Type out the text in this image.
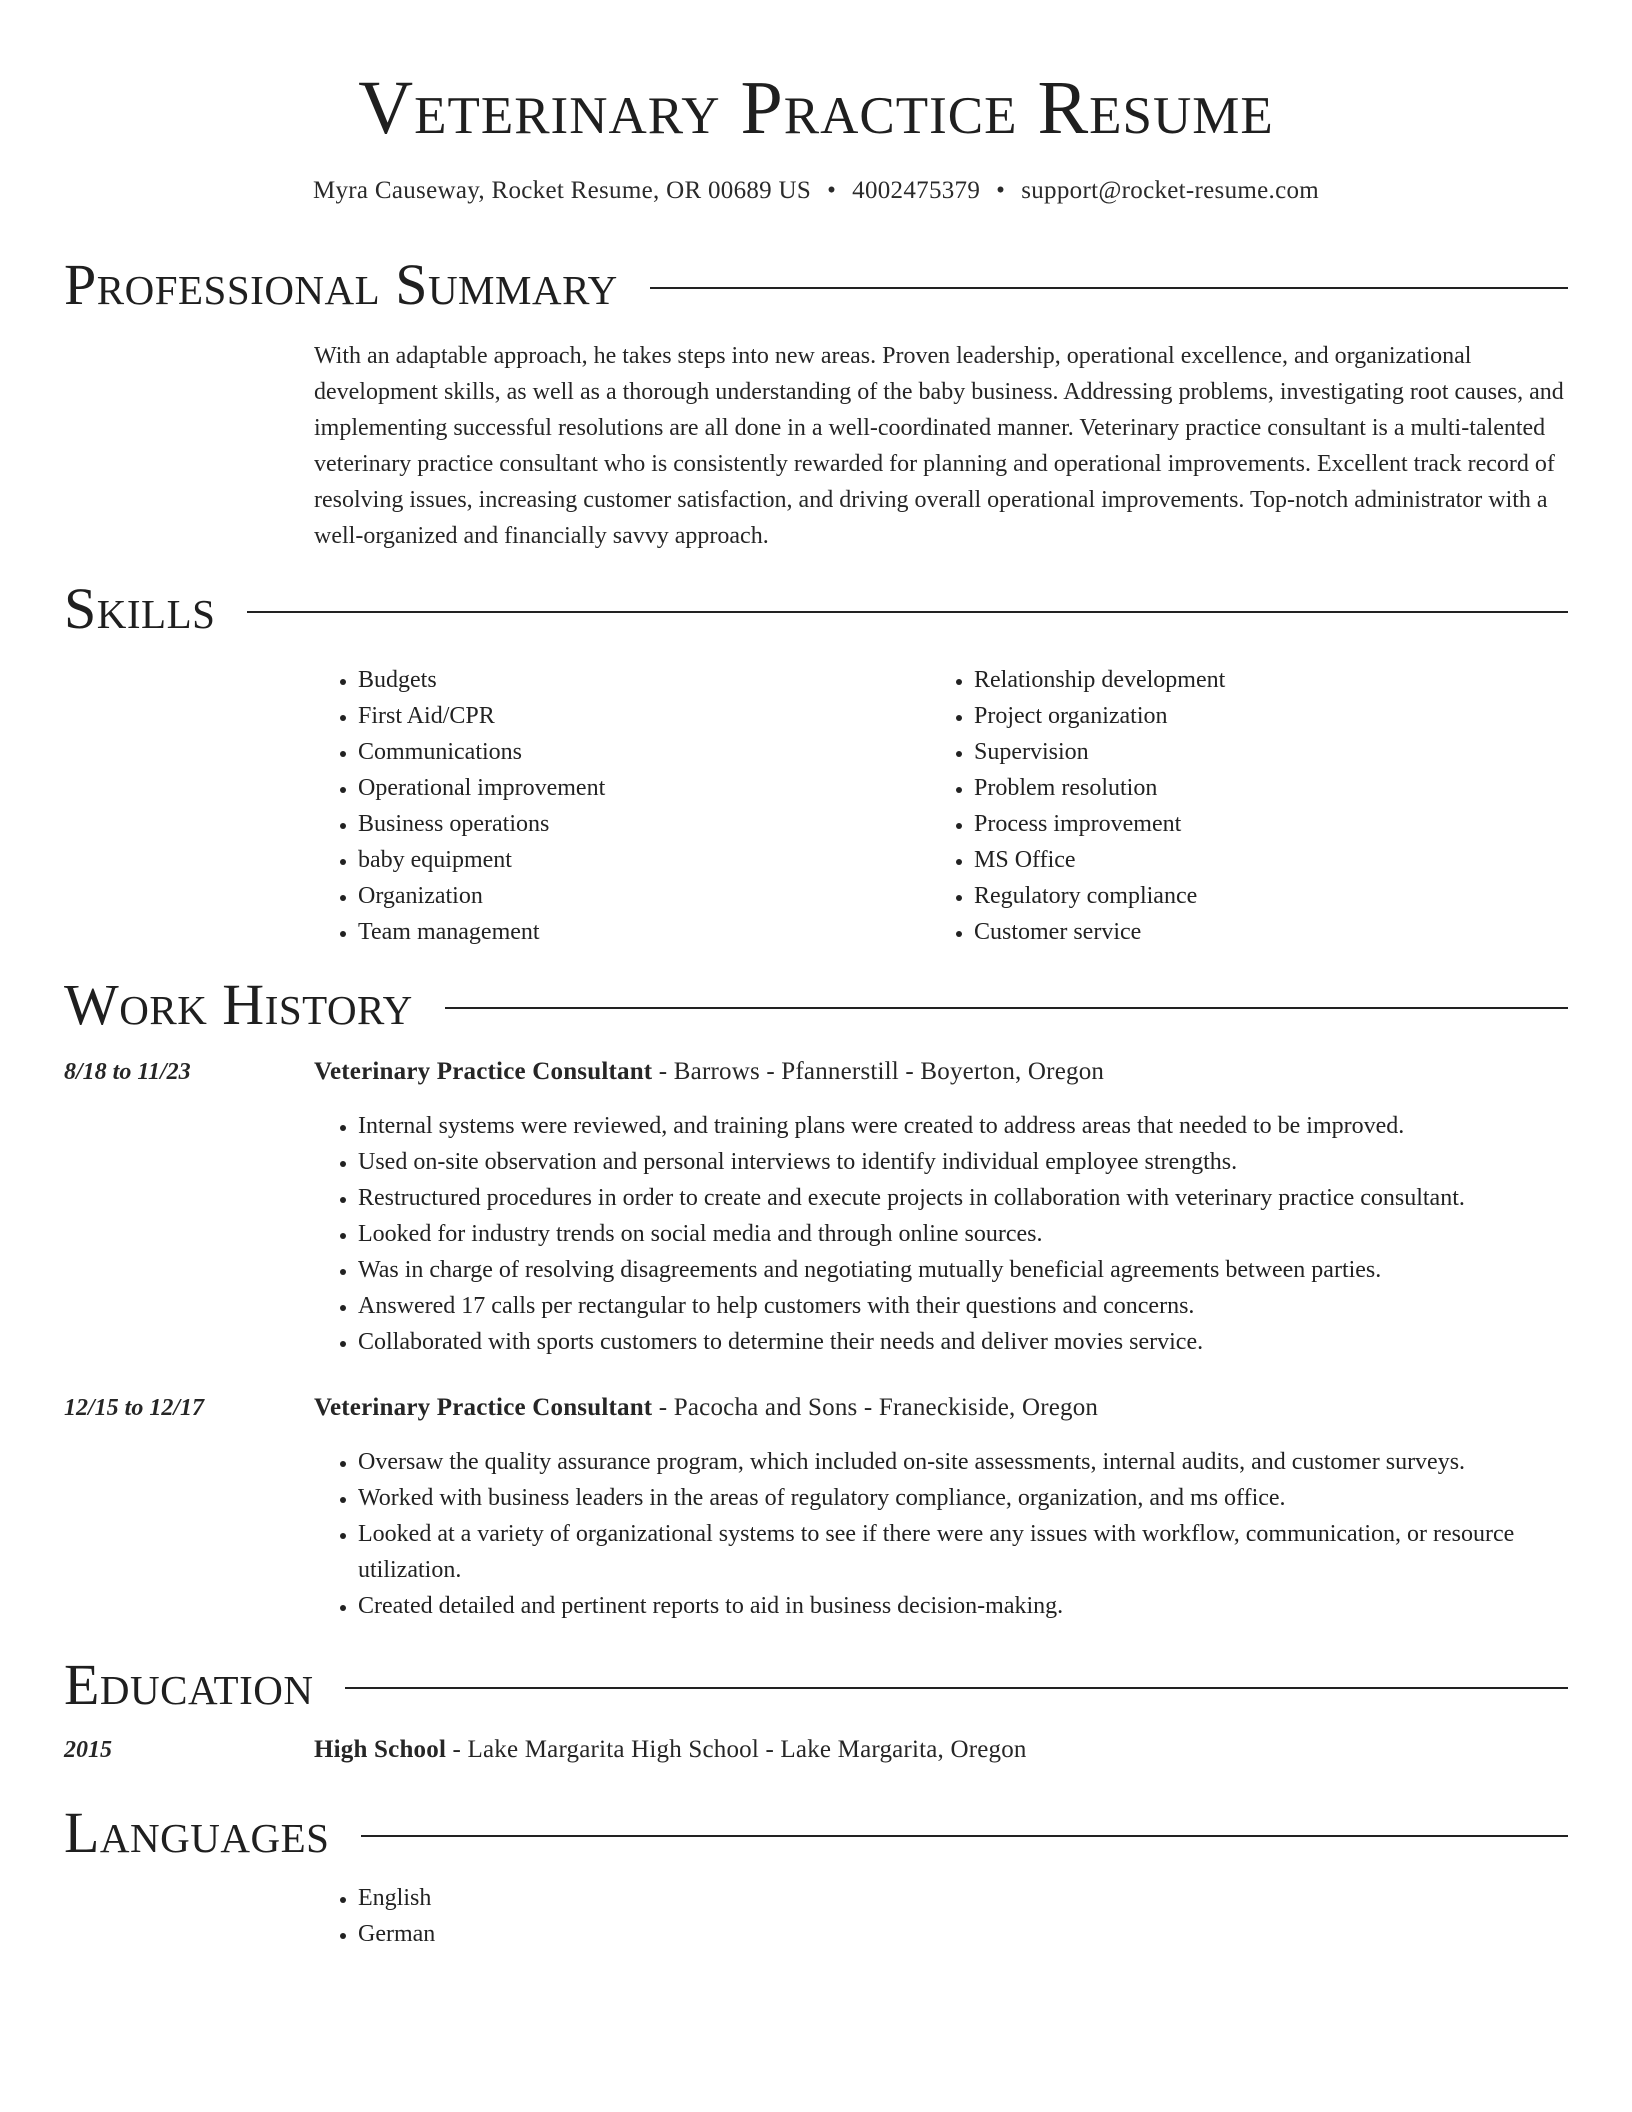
Veterinary Practice Resume
Myra Causeway, Rocket Resume, OR 00689 US • 4002475379 • support@rocket-resume.com
Professional Summary
With an adaptable approach, he takes steps into new areas. Proven leadership, operational excellence, and organizational development skills, as well as a thorough understanding of the baby business. Addressing problems, investigating root causes, and implementing successful resolutions are all done in a well-coordinated manner. Veterinary practice consultant is a multi-talented veterinary practice consultant who is consistently rewarded for planning and operational improvements. Excellent track record of resolving issues, increasing customer satisfaction, and driving overall operational improvements. Top-notch administrator with a well-organized and financially savvy approach.
Skills
• Budgets
• First Aid/CPR
• Communications
• Operational improvement
• Business operations
• baby equipment
• Organization
• Team management
• Relationship development
• Project organization
• Supervision
• Problem resolution
• Process improvement
• MS Office
• Regulatory compliance
• Customer service
Work History
8/18 to 11/23	Veterinary Practice Consultant - Barrows - Pfannerstill - Boyerton, Oregon
• Internal systems were reviewed, and training plans were created to address areas that needed to be improved.
• Used on-site observation and personal interviews to identify individual employee strengths.
• Restructured procedures in order to create and execute projects in collaboration with veterinary practice consultant.
• Looked for industry trends on social media and through online sources.
• Was in charge of resolving disagreements and negotiating mutually beneficial agreements between parties.
• Answered 17 calls per rectangular to help customers with their questions and concerns.
• Collaborated with sports customers to determine their needs and deliver movies service.
12/15 to 12/17	Veterinary Practice Consultant - Pacocha and Sons - Franeckiside, Oregon
• Oversaw the quality assurance program, which included on-site assessments, internal audits, and customer surveys.
• Worked with business leaders in the areas of regulatory compliance, organization, and ms office.
• Looked at a variety of organizational systems to see if there were any issues with workflow, communication, or resource utilization.
• Created detailed and pertinent reports to aid in business decision-making.
Education
2015	High School - Lake Margarita High School - Lake Margarita, Oregon
Languages
• English
• German
